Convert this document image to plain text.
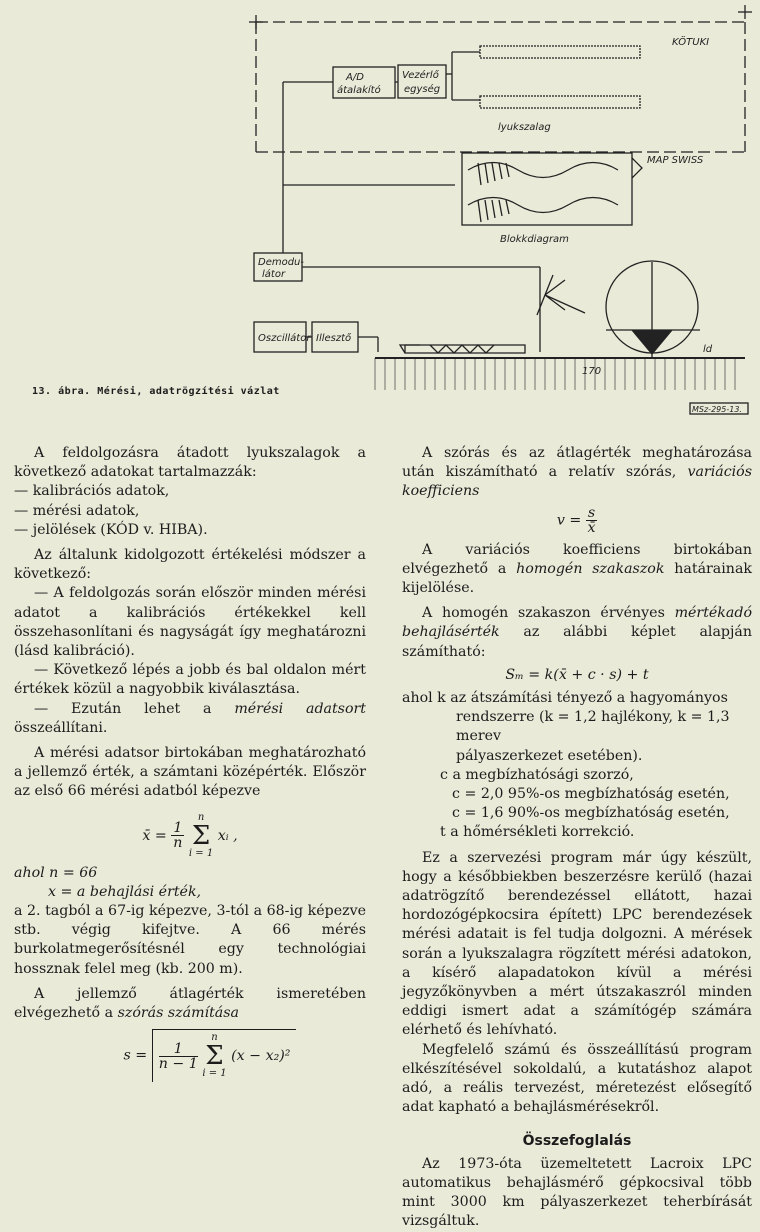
KÖTUKI
A/D
átalakító
Vezérlő
egység
lyukszalag
MAP SWISS
Blokkdiagram
Demodu-
látor
Oszcillátor Illesztő
170
ld
MSz-295-13.
13. ábra. Mérési, adatrögzítési vázlat

A feldolgozásra átadott lyukszalagok a következő adatokat tartalmazzák:

— kalibrációs adatok,

— mérési adatok,

— jelölések (KÓD v. HIBA).

Az általunk kidolgozott értékelési módszer a következő:

— A feldolgozás során először minden mérési adatot a kalibrációs értékekkel kell összehasonlítani és nagyságát így meghatározni (lásd kalibráció).

— Következő lépés a jobb és bal oldalon mért értékek közül a nagyobbik kiválasztása.

— Ezután lehet a mérési adatsort összeállítani.

A mérési adatsor birtokában meghatározható a jellemző érték, a számtani középérték. Először az első 66 mérési adatból képezve

x̄ = $\frac{1}{n}$

n
Σ
i = 1
xᵢ ,

ahol n = 66

x = a behajlási érték,

a 2. tagból a 67-ig képezve, 3-tól a 68-ig képezve stb. végig kifejtve. A 66 mérés burkolatmegerősítésnél egy technológiai hossznak felel meg (kb. 200 m).

A jellemző átlagérték ismeretében elvégezhető a szórás számítása

$s = \frac{1}{n - 1}$

n
Σ
i = 1
(x − x₂)²

A szórás és az átlagérték meghatározása után kiszámítható a relatív szórás, variációs koefficiens

$v = \frac{s}{x̄}$

A variációs koefficiens birtokában elvégezhető a homogén szakaszok határainak kijelölése.

A homogén szakaszon érvényes mértékadó behajlásérték az alábbi képlet alapján számítható:

Sₘ = k(x̄ + c · s) + t

ahol k az átszámítási tényező a hagyományos

rendszerre (k = 1,2 hajlékony, k = 1,3 merev

pályaszerkezet esetében).

c a megbízhatósági szorzó,

c = 2,0 95%-os megbízhatóság esetén,

c = 1,6 90%-os megbízhatóság esetén,

t a hőmérsékleti korrekció.

Ez a szervezési program már úgy készült, hogy a későbbiekben beszerzésre kerülő (hazai adatrögzítő berendezéssel ellátott, hazai hordozógépkocsira épített) LPC berendezések mérési adatait is fel tudja dolgozni. A mérések során a lyukszalagra rögzített mérési adatokon, a kísérő alapadatokon kívül a mérési jegyzőkönyvben a mért útszakaszról minden eddigi ismert adat a számítógép számára elérhető és lehívható.

Megfelelő számú és összeállítású program elkészítésével sokoldalú, a kutatáshoz alapot adó, a reális tervezést, méretezést elősegítő adat kapható a behajlásmérésekről.

Összefoglalás

Az 1973-óta üzemeltetett Lacroix LPC automatikus behajlásmérő gépkocsival több mint 3000 km pályaszerkezet teherbírását vizsgáltuk.
